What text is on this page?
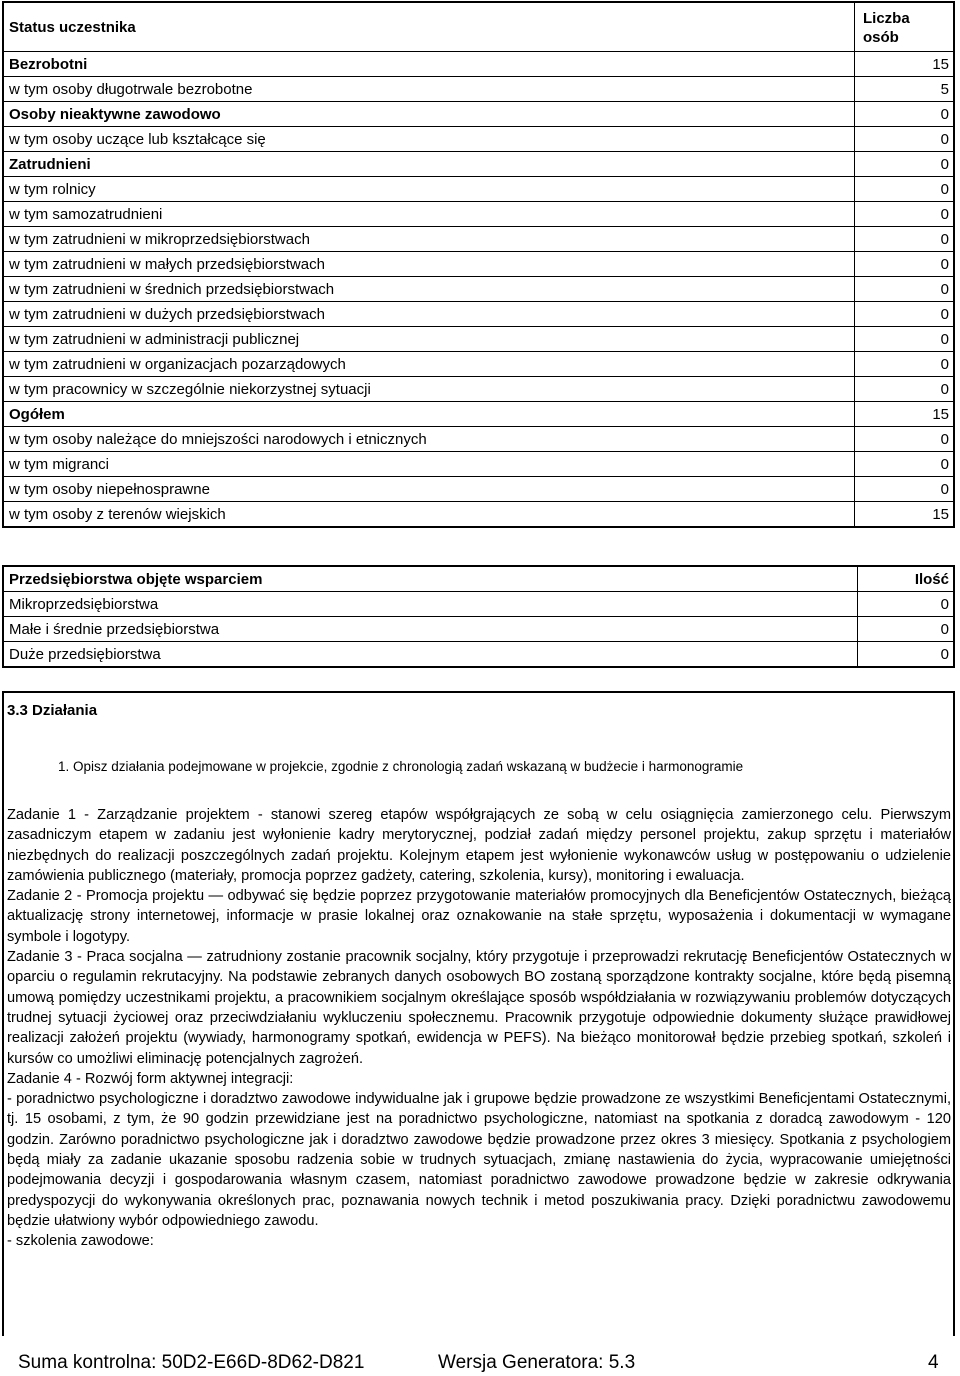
Status uczestnika	Liczba osób
Bezrobotni	15
w tym osoby długotrwale bezrobotne	5
Osoby nieaktywne zawodowo	0
w tym osoby uczące lub kształcące się	0
Zatrudnieni	0
w tym rolnicy	0
w tym samozatrudnieni	0
w tym zatrudnieni w mikroprzedsiębiorstwach	0
w tym zatrudnieni w małych przedsiębiorstwach	0
w tym zatrudnieni w średnich przedsiębiorstwach	0
w tym zatrudnieni w dużych przedsiębiorstwach	0
w tym zatrudnieni w administracji publicznej	0
w tym zatrudnieni w organizacjach pozarządowych	0
w tym pracownicy w szczególnie niekorzystnej sytuacji	0
Ogółem	15
w tym osoby należące do mniejszości narodowych i etnicznych	0
w tym migranci	0
w tym osoby niepełnosprawne	0
w tym osoby z terenów wiejskich	15
Przedsiębiorstwa objęte wsparciem	Ilość
Mikroprzedsiębiorstwa	0
Małe i średnie przedsiębiorstwa	0
Duże przedsiębiorstwa	0
3.3 Działania
1. Opisz działania podejmowane w projekcie, zgodnie z chronologią zadań wskazaną w budżecie i harmonogramie

Zadanie 1 - Zarządzanie projektem - stanowi szereg etapów współgrających ze sobą w celu osiągnięcia zamierzonego celu. Pierwszym zasadniczym etapem w zadaniu jest wyłonienie kadry merytorycznej, podział zadań między personel projektu, zakup sprzętu i materiałów niezbędnych do realizacji poszczególnych zadań projektu. Kolejnym etapem jest wyłonienie wykonawców usług w postępowaniu o udzielenie zamówienia publicznego (materiały, promocja poprzez gadżety, catering, szkolenia, kursy), monitoring i ewaluacja.

Zadanie 2 - Promocja projektu ― odbywać się będzie poprzez przygotowanie materiałów promocyjnych dla Beneficjentów Ostatecznych, bieżącą aktualizację strony internetowej, informacje w prasie lokalnej oraz oznakowanie na stałe sprzętu, wyposażenia i dokumentacji w wymagane symbole i logotypy.

Zadanie 3 - Praca socjalna ― zatrudniony zostanie pracownik socjalny, który przygotuje i przeprowadzi rekrutację Beneficjentów Ostatecznych w oparciu o regulamin rekrutacyjny. Na podstawie zebranych danych osobowych BO zostaną sporządzone kontrakty socjalne, które będą pisemną umową pomiędzy uczestnikami projektu, a pracownikiem socjalnym określające sposób współdziałania w rozwiązywaniu problemów dotyczących trudnej sytuacji życiowej oraz przeciwdziałaniu wykluczeniu społecznemu. Pracownik przygotuje odpowiednie dokumenty służące prawidłowej realizacji założeń projektu (wywiady, harmonogramy spotkań, ewidencja w PEFS). Na bieżąco monitorował będzie przebieg spotkań, szkoleń i kursów co umożliwi eliminację potencjalnych zagrożeń.

Zadanie 4 - Rozwój form aktywnej integracji:

- poradnictwo psychologiczne i doradztwo zawodowe indywidualne jak i grupowe będzie prowadzone ze wszystkimi Beneficjentami Ostatecznymi, tj. 15 osobami, z tym, że 90 godzin przewidziane jest na poradnictwo psychologiczne, natomiast na spotkania z doradcą zawodowym - 120 godzin. Zarówno poradnictwo psychologiczne jak i doradztwo zawodowe będzie prowadzone przez okres 3 miesięcy. Spotkania z psychologiem będą miały za zadanie ukazanie sposobu radzenia sobie w trudnych sytuacjach, zmianę nastawienia do życia, wypracowanie umiejętności podejmowania decyzji i gospodarowania własnym czasem, natomiast poradnictwo zawodowe prowadzone będzie w zakresie odkrywania predyspozycji do wykonywania określonych prac, poznawania nowych technik i metod poszukiwania pracy. Dzięki poradnictwu zawodowemu będzie ułatwiony wybór odpowiedniego zawodu.

- szkolenia zawodowe:

Suma kontrolna: 50D2-E66D-8D62-D821	Wersja Generatora: 5.3	4
